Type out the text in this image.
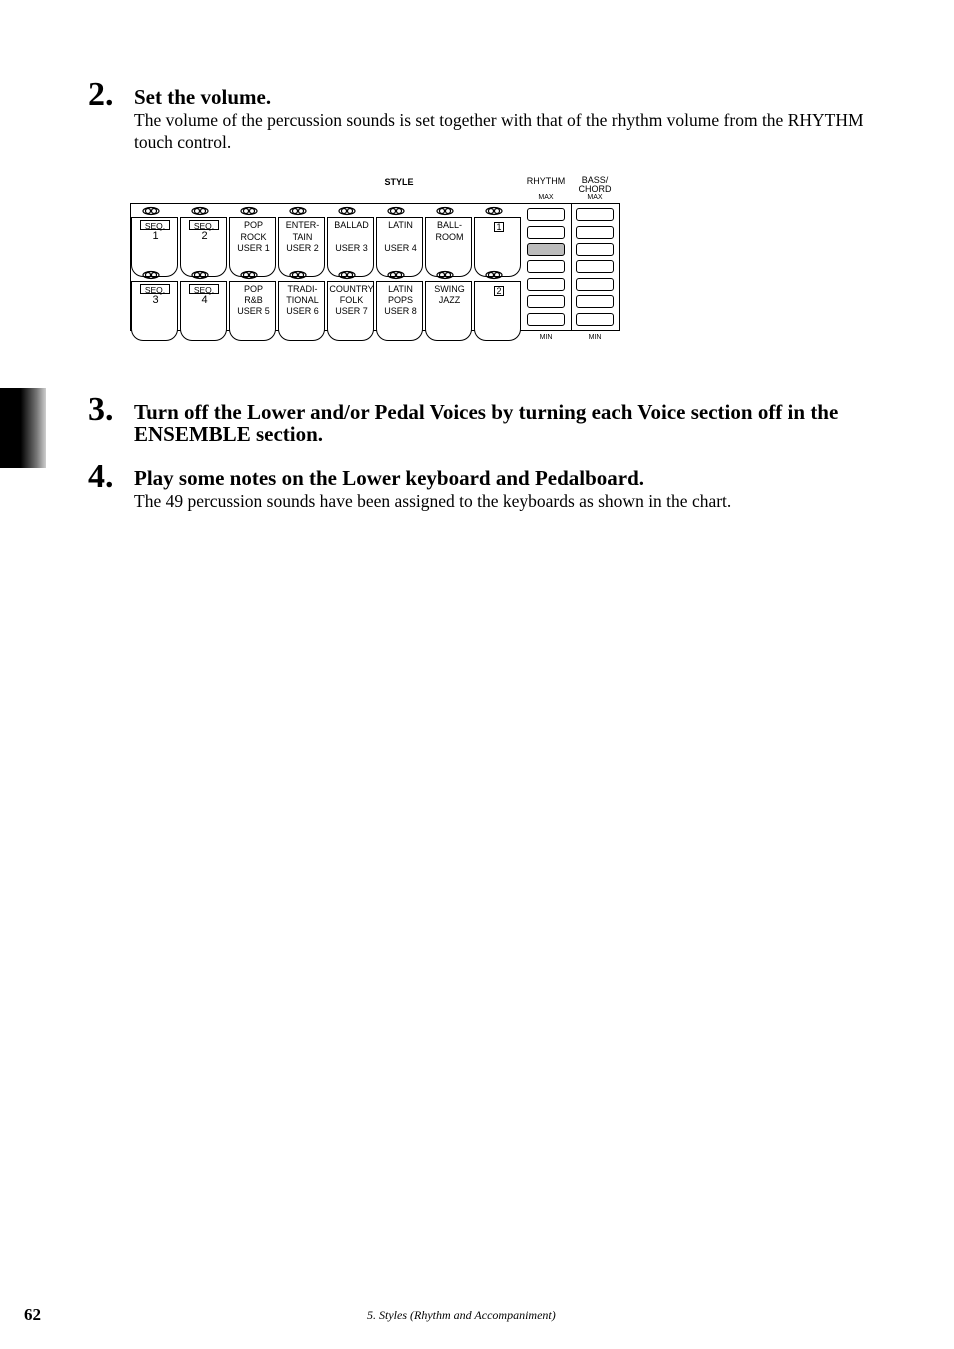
2. Set the volume.
The volume of the percussion sounds is set together with that of the rhythm volume from the RHYTHM touch control.
STYLE	RHYTHM	BASS/
CHORD
MAX	MAX
SEQ.
1
SEQ.
2
POP
ROCK
USER 1
ENTER-
TAIN
USER 2
BALLAD
USER 3
LATIN
USER 4
BALL-
ROOM
1
SEQ.
3
SEQ.
4
POP
R&B
USER 5
TRADI-
TIONAL
USER 6
COUNTRY
FOLK
USER 7
LATIN
POPS
USER 8
SWING
JAZZ
2
MIN	MIN
3. Turn off the Lower and/or Pedal Voices by turning each Voice section off in the ENSEMBLE section.
4. Play some notes on the Lower keyboard and Pedalboard.
The 49 percussion sounds have been assigned to the keyboards as shown in the chart.
62	5. Styles (Rhythm and Accompaniment)
